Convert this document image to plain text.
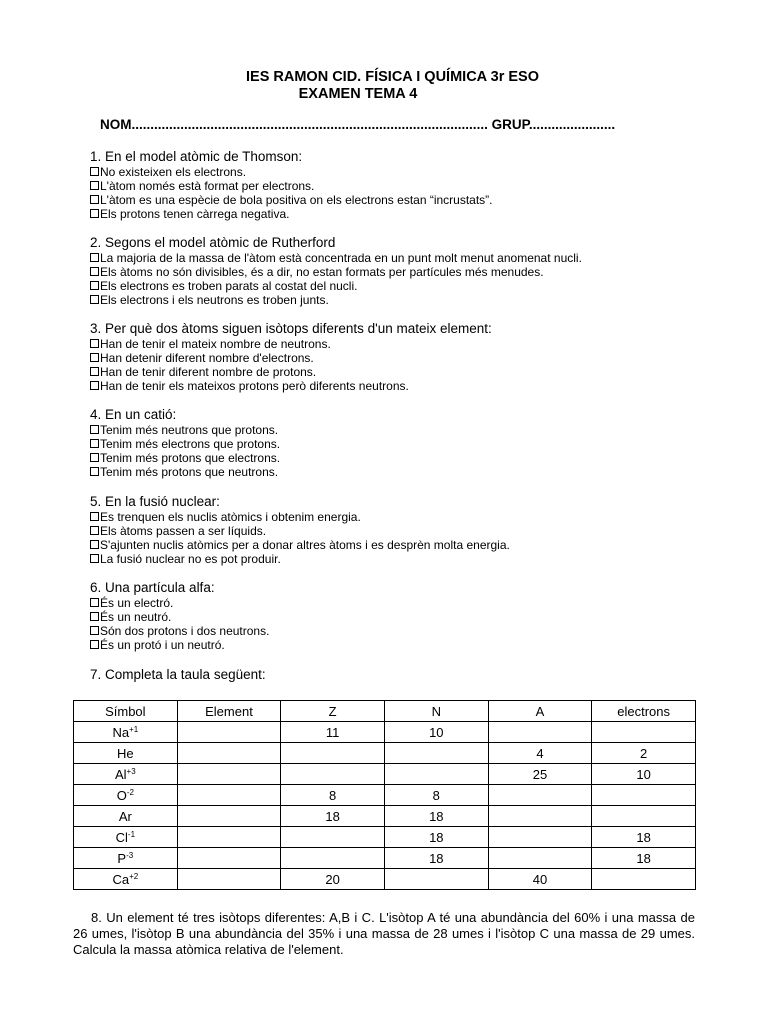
IES RAMON CID. FÍSICA I QUÍMICA 3r ESO
EXAMEN TEMA 4
NOM............................................................................................... GRUP.......................
1. En el model atòmic de Thomson:
No existeixen els electrons.
L'àtom només està format per electrons.
L'àtom es una espècie de bola positiva on els electrons estan “incrustats”.
Els protons tenen càrrega negativa.
2. Segons el model atòmic de Rutherford
La majoria de la massa de l'àtom està concentrada en un punt molt menut anomenat nucli.
Els àtoms no són divisibles, és a dir, no estan formats per partícules més menudes.
Els electrons es troben parats al costat del nucli.
Els electrons i els neutrons es troben junts.
3. Per què dos àtoms siguen isòtops diferents d'un mateix element:
Han de tenir el mateix nombre de neutrons.
Han detenir diferent nombre d'electrons.
Han de tenir diferent nombre de protons.
Han de tenir els mateixos protons però diferents neutrons.
4. En un catió:
Tenim més neutrons que protons.
Tenim més electrons que protons.
Tenim més protons que electrons.
Tenim més protons que neutrons.
5. En la fusió nuclear:
Es trenquen els nuclis atòmics i obtenim energia.
Els àtoms passen a ser líquids.
S'ajunten nuclis atòmics per a donar altres àtoms i es desprèn molta energia.
La fusió nuclear no es pot produir.
6. Una partícula alfa:
És un electró.
És un neutró.
Són dos protons i dos neutrons.
És un protó i un neutró.
7. Completa la taula següent:
Símbol	Element	Z	N	A	electrons
$Na^{+1}$		11	10		
He				4	2
$Al^{+3}$				25	10
$O^{-2}$		8	8		
Ar		18	18		
$Cl^{-1}$			18		18
$P^{-3}$			18		18
$Ca^{+2}$		20		40	
8. Un element té tres isòtops diferentes: A,B i C. L'isòtop A té una abundància del 60% i una massa de 26 umes, l'isòtop B una abundància del 35% i una massa de 28 umes i l'isòtop C una massa de 29 umes. Calcula la massa atòmica relativa de l'element.
